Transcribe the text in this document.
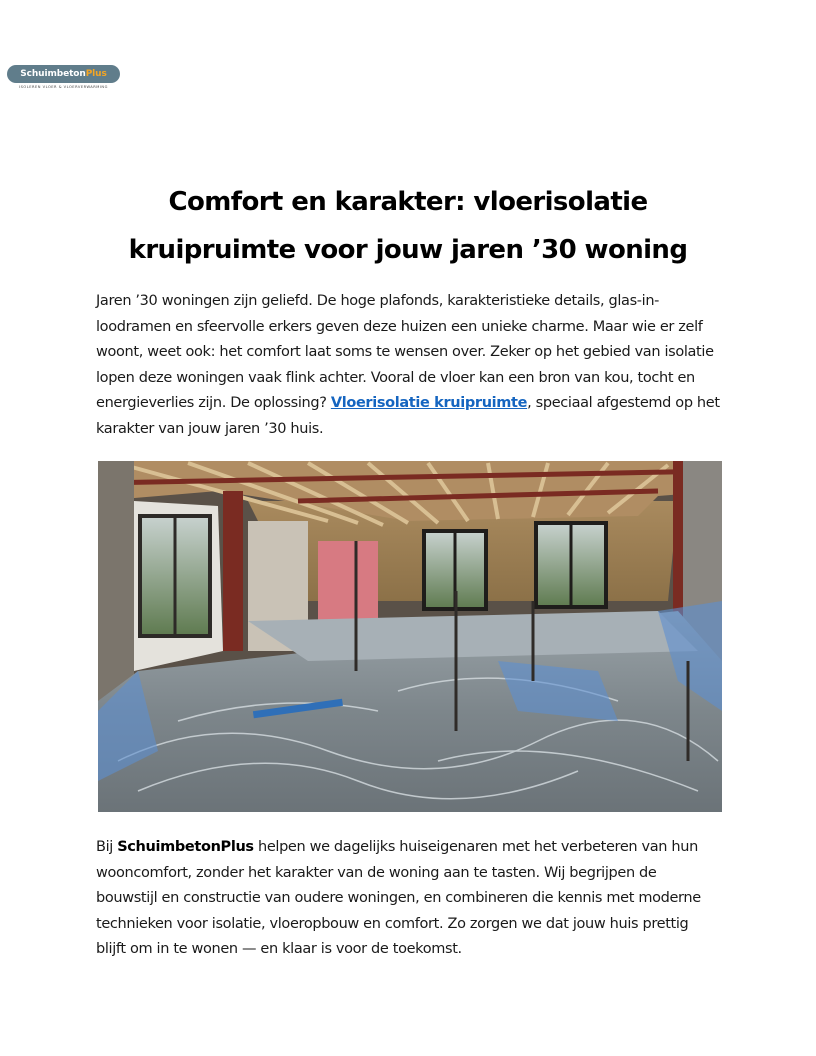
Schuimbeton Plus
ISOLEREN VLOER & VLOERVERWARMING
Comfort en karakter: vloerisolatie
kruipruimte voor jouw jaren ’30 woning

Jaren ’30 woningen zijn geliefd. De hoge plafonds, karakteristieke details, glas-in-loodramen en sfeervolle erkers geven deze huizen een unieke charme. Maar wie er zelf woont, weet ook: het comfort laat soms te wensen over. Zeker op het gebied van isolatie lopen deze woningen vaak flink achter. Vooral de vloer kan een bron van kou, tocht en energieverlies zijn. De oplossing? Vloerisolatie kruipruimte, speciaal afgestemd op het karakter van jouw jaren ’30 huis.

Bij SchuimbetonPlus helpen we dagelijks huiseigenaren met het verbeteren van hun wooncomfort, zonder het karakter van de woning aan te tasten. Wij begrijpen de bouwstijl en constructie van oudere woningen, en combineren die kennis met moderne technieken voor isolatie, vloeropbouw en comfort. Zo zorgen we dat jouw huis prettig blijft om in te wonen — en klaar is voor de toekomst.
